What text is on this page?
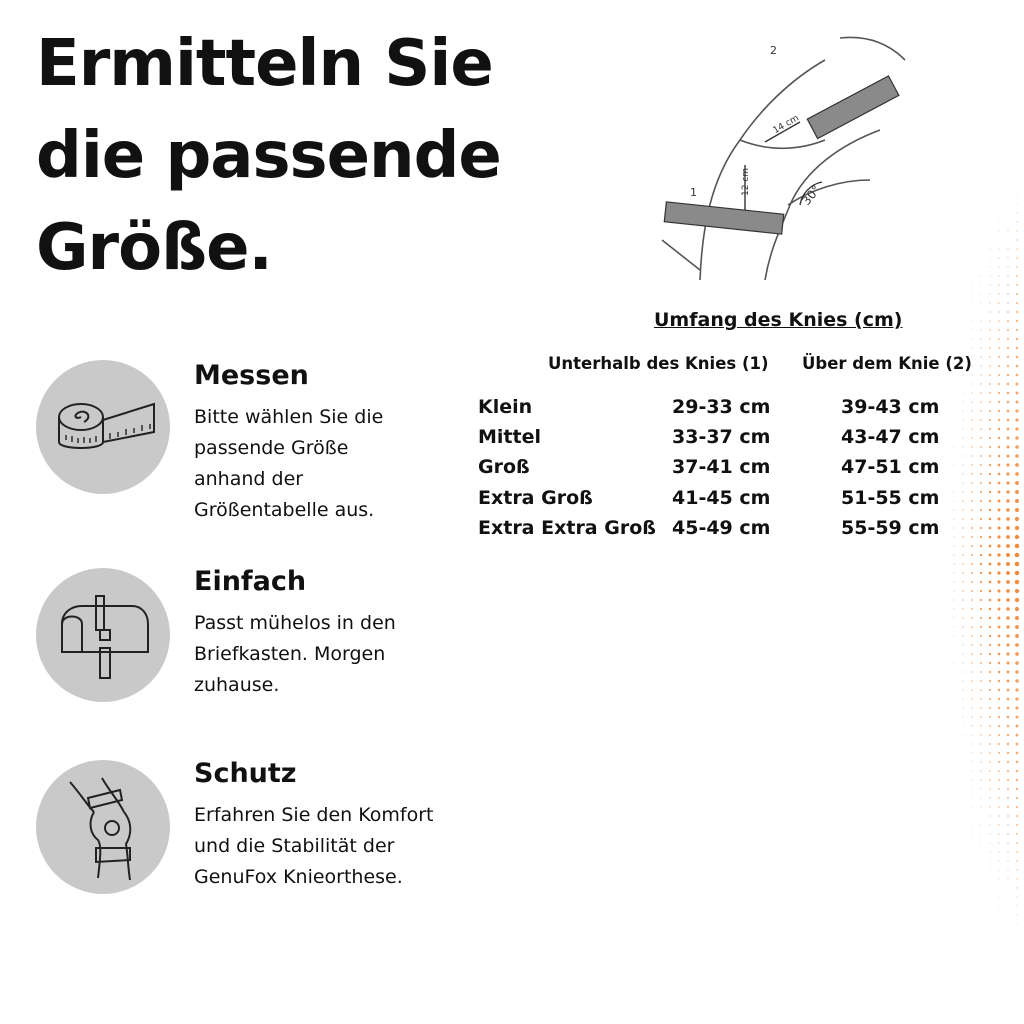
Ermitteln Sie
die passende
Größe.
1
2
12 cm
14 cm
30°

Messen

Bitte wählen Sie die
passende Größe
anhand der
Größentabelle aus.

Einfach

Passt mühelos in den
Briefkasten. Morgen
zuhause.

Schutz

Erfahren Sie den Komfort
und die Stabilität der
GenuFox Knieorthese.

Umfang des Knies (cm)

Unterhalb des Knies (1) Über dem Knie (2)
Klein	29-33 cm	39-43 cm
Mittel	33-37 cm	43-47 cm
Groß	37-41 cm	47-51 cm
Extra Groß	41-45 cm	51-55 cm
Extra Extra Groß 45-49 cm	55-59 cm
